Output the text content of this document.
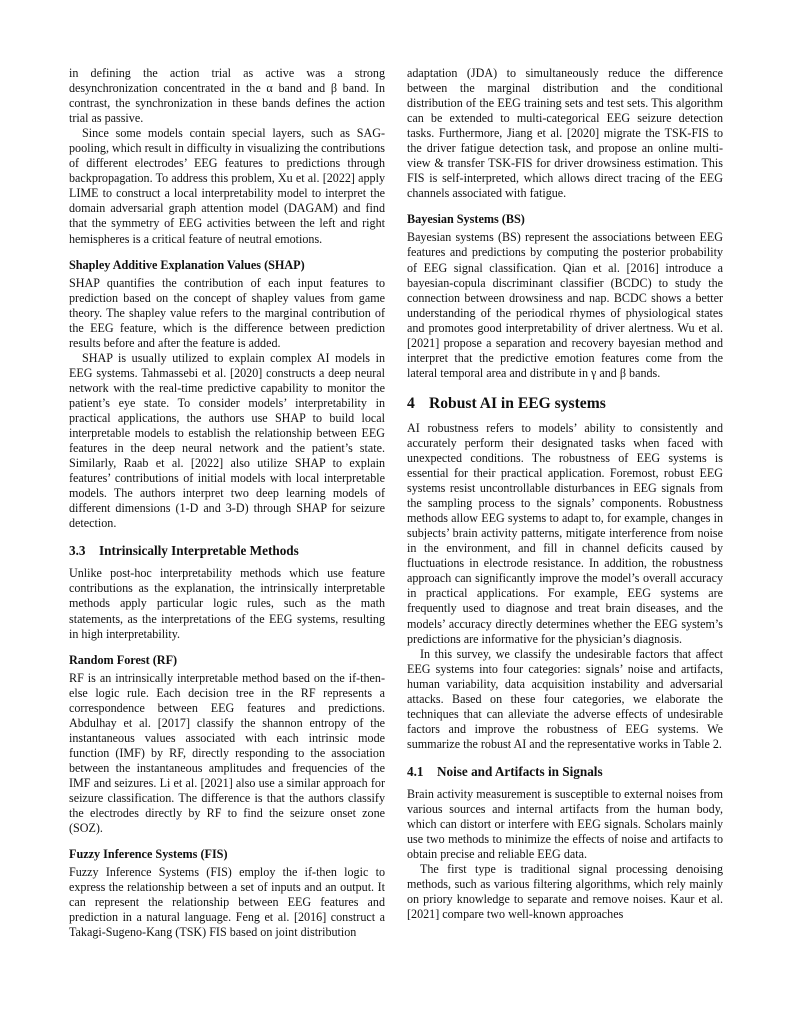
in defining the action trial as active was a strong desynchronization concentrated in the α band and β band. In contrast, the synchronization in these bands defines the action trial as passive.

Since some models contain special layers, such as SAG-pooling, which result in difficulty in visualizing the contributions of different electrodes’ EEG features to predictions through backpropagation. To address this problem, Xu et al. [2022] apply LIME to construct a local interpretability model to interpret the domain adversarial graph attention model (DAGAM) and find that the symmetry of EEG activities between the left and right hemispheres is a critical feature of neutral emotions.

Shapley Additive Explanation Values (SHAP)

SHAP quantifies the contribution of each input features to prediction based on the concept of shapley values from game theory. The shapley value refers to the marginal contribution of the EEG feature, which is the difference between prediction results before and after the feature is added.

SHAP is usually utilized to explain complex AI models in EEG systems. Tahmassebi et al. [2020] constructs a deep neural network with the real-time predictive capability to monitor the patient’s eye state. To consider models’ interpretability in practical applications, the authors use SHAP to build local interpretable models to establish the relationship between EEG features in the deep neural network and the patient’s state. Similarly, Raab et al. [2022] also utilize SHAP to explain features’ contributions of initial models with local interpretable models. The authors interpret two deep learning models of different dimensions (1-D and 3-D) through SHAP for seizure detection.

3.3 Intrinsically Interpretable Methods

Unlike post-hoc interpretability methods which use feature contributions as the explanation, the intrinsically interpretable methods apply particular logic rules, such as the math statements, as the interpretations of the EEG systems, resulting in high interpretability.

Random Forest (RF)

RF is an intrinsically interpretable method based on the if-then-else logic rule. Each decision tree in the RF represents a correspondence between EEG features and predictions. Abdulhay et al. [2017] classify the shannon entropy of the instantaneous values associated with each intrinsic mode function (IMF) by RF, directly responding to the association between the instantaneous amplitudes and frequencies of the IMF and seizures. Li et al. [2021] also use a similar approach for seizure classification. The difference is that the authors classify the electrodes directly by RF to find the seizure onset zone (SOZ).

Fuzzy Inference Systems (FIS)

Fuzzy Inference Systems (FIS) employ the if-then logic to express the relationship between a set of inputs and an output. It can represent the relationship between EEG features and prediction in a natural language. Feng et al. [2016] construct a Takagi-Sugeno-Kang (TSK) FIS based on joint distribution

adaptation (JDA) to simultaneously reduce the difference between the marginal distribution and the conditional distribution of the EEG training sets and test sets. This algorithm can be extended to multi-categorical EEG seizure detection tasks. Furthermore, Jiang et al. [2020] migrate the TSK-FIS to the driver fatigue detection task, and propose an online multi-view & transfer TSK-FIS for driver drowsiness estimation. This FIS is self-interpreted, which allows direct tracing of the EEG channels associated with fatigue.

Bayesian Systems (BS)

Bayesian systems (BS) represent the associations between EEG features and predictions by computing the posterior probability of EEG signal classification. Qian et al. [2016] introduce a bayesian-copula discriminant classifier (BCDC) to study the connection between drowsiness and nap. BCDC shows a better understanding of the periodical rhymes of physiological states and promotes good interpretability of driver alertness. Wu et al. [2021] propose a separation and recovery bayesian method and interpret that the predictive emotion features come from the lateral temporal area and distribute in γ and β bands.

4 Robust AI in EEG systems

AI robustness refers to models’ ability to consistently and accurately perform their designated tasks when faced with unexpected conditions. The robustness of EEG systems is essential for their practical application. Foremost, robust EEG systems resist uncontrollable disturbances in EEG signals from the sampling process to the signals’ components. Robustness methods allow EEG systems to adapt to, for example, changes in subjects’ brain activity patterns, mitigate interference from noise in the environment, and fill in channel deficits caused by fluctuations in electrode resistance. In addition, the robustness approach can significantly improve the model’s overall accuracy in practical applications. For example, EEG systems are frequently used to diagnose and treat brain diseases, and the models’ accuracy directly determines whether the EEG system’s predictions are informative for the physician’s diagnosis.

In this survey, we classify the undesirable factors that affect EEG systems into four categories: signals’ noise and artifacts, human variability, data acquisition instability and adversarial attacks. Based on these four categories, we elaborate the techniques that can alleviate the adverse effects of undesirable factors and improve the robustness of EEG systems. We summarize the robust AI and the representative works in Table 2.

4.1 Noise and Artifacts in Signals

Brain activity measurement is susceptible to external noises from various sources and internal artifacts from the human body, which can distort or interfere with EEG signals. Scholars mainly use two methods to minimize the effects of noise and artifacts to obtain precise and reliable EEG data.

The first type is traditional signal processing denoising methods, such as various filtering algorithms, which rely mainly on priory knowledge to separate and remove noises. Kaur et al. [2021] compare two well-known approaches
